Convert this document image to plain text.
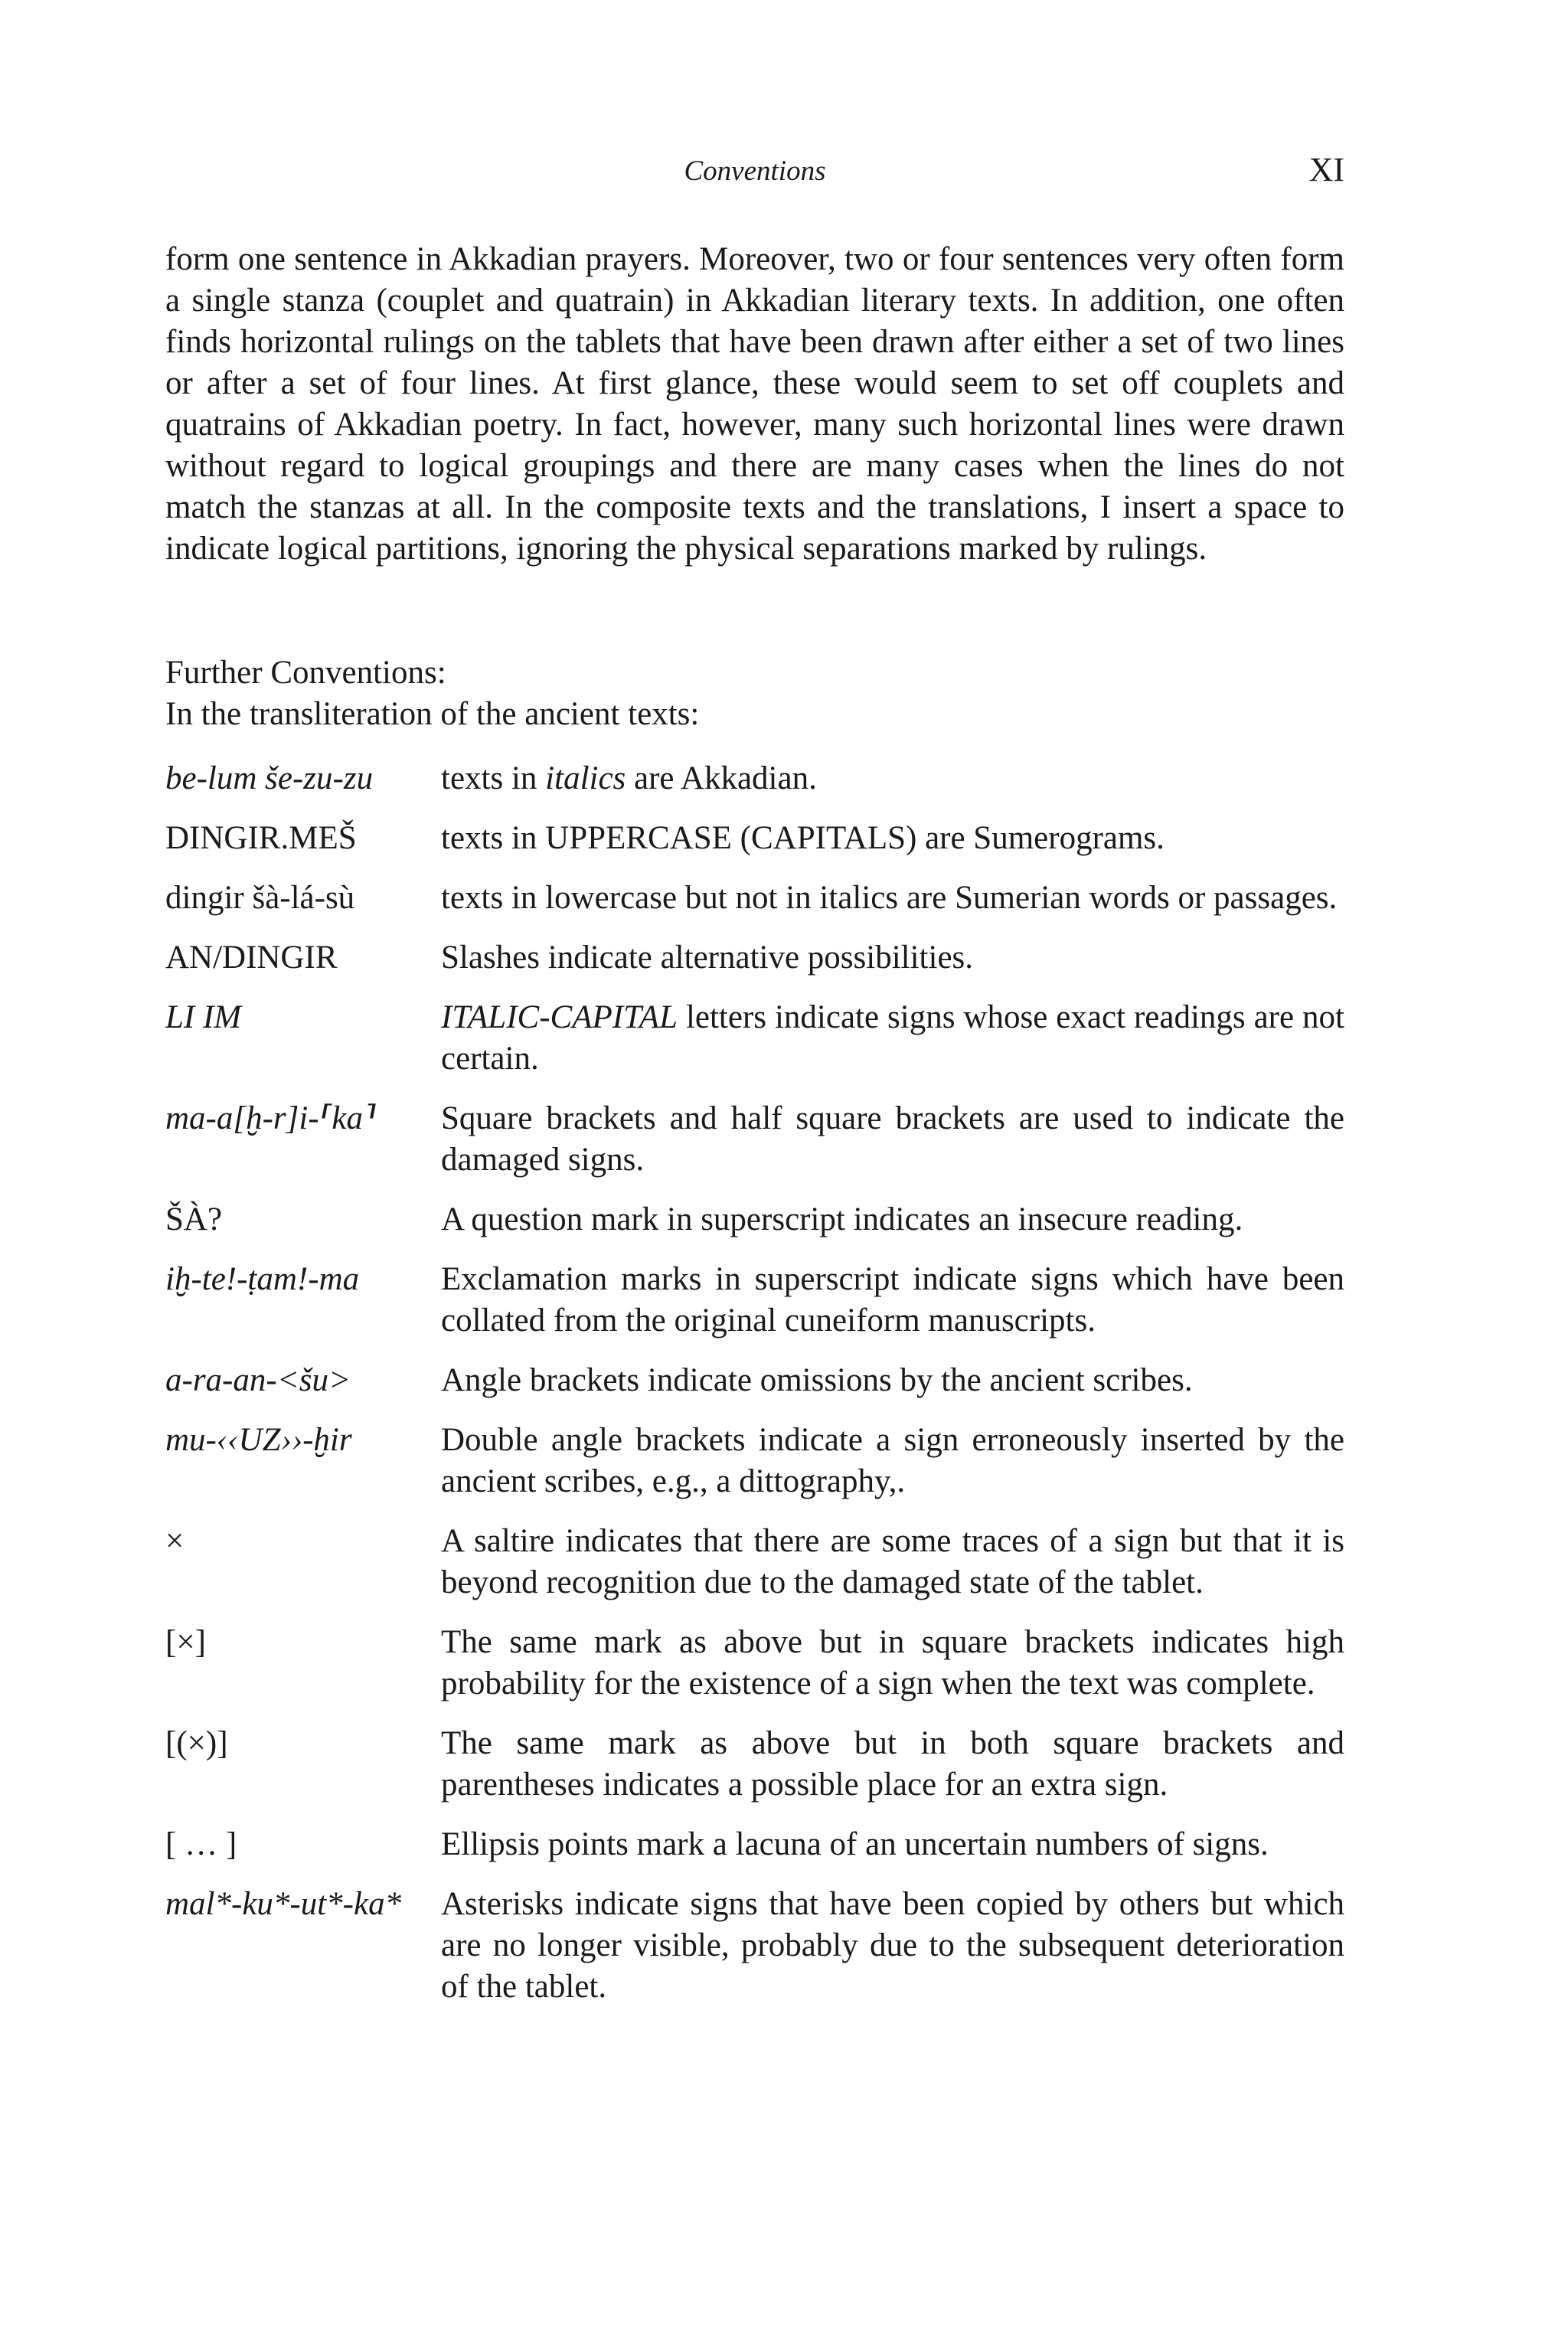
Conventions	XI

form one sentence in Akkadian prayers. Moreover, two or four sentences very often form a single stanza (couplet and quatrain) in Akkadian literary texts. In addition, one often finds horizontal rulings on the tablets that have been drawn after either a set of two lines or after a set of four lines. At first glance, these would seem to set off couplets and quatrains of Akkadian poetry. In fact, however, many such horizontal lines were drawn without regard to logical groupings and there are many cases when the lines do not match the stanzas at all. In the composite texts and the translations, I insert a space to indicate logical partitions, ignoring the physical separations marked by rulings.

Further Conventions:
In the transliteration of the ancient texts:
be-lum še-zu-zu	texts in italics are Akkadian.
DINGIR.MEŠ	texts in UPPERCASE (CAPITALS) are Sumerograms.
dingir šà-lá-sù	texts in lowercase but not in italics are Sumerian words or passages.
AN/DINGIR	Slashes indicate alternative possibilities.
LI IM	ITALIC-CAPITAL letters indicate signs whose exact readings are not certain.
ma-a[ḫ-r]i-⸢ka⸣	Square brackets and half square brackets are used to indicate the damaged signs.
ŠÀ?	A question mark in superscript indicates an insecure reading.
iḫ-te!-ṭam!-ma	Exclamation marks in superscript indicate signs which have been collated from the original cuneiform manuscripts.
a-ra-an-<šu>	Angle brackets indicate omissions by the ancient scribes.
mu-‹‹UZ››-ḫir	Double angle brackets indicate a sign erroneously inserted by the ancient scribes, e.g., a dittography,.
×	A saltire indicates that there are some traces of a sign but that it is beyond recognition due to the damaged state of the tablet.
[×]	The same mark as above but in square brackets indicates high probability for the existence of a sign when the text was complete.
[(×)]	The same mark as above but in both square brackets and parentheses indicates a possible place for an extra sign.
[ … ]	Ellipsis points mark a lacuna of an uncertain numbers of signs.
mal*-ku*-ut*-ka*	Asterisks indicate signs that have been copied by others but which are no longer visible, probably due to the subsequent deterioration of the tablet.
